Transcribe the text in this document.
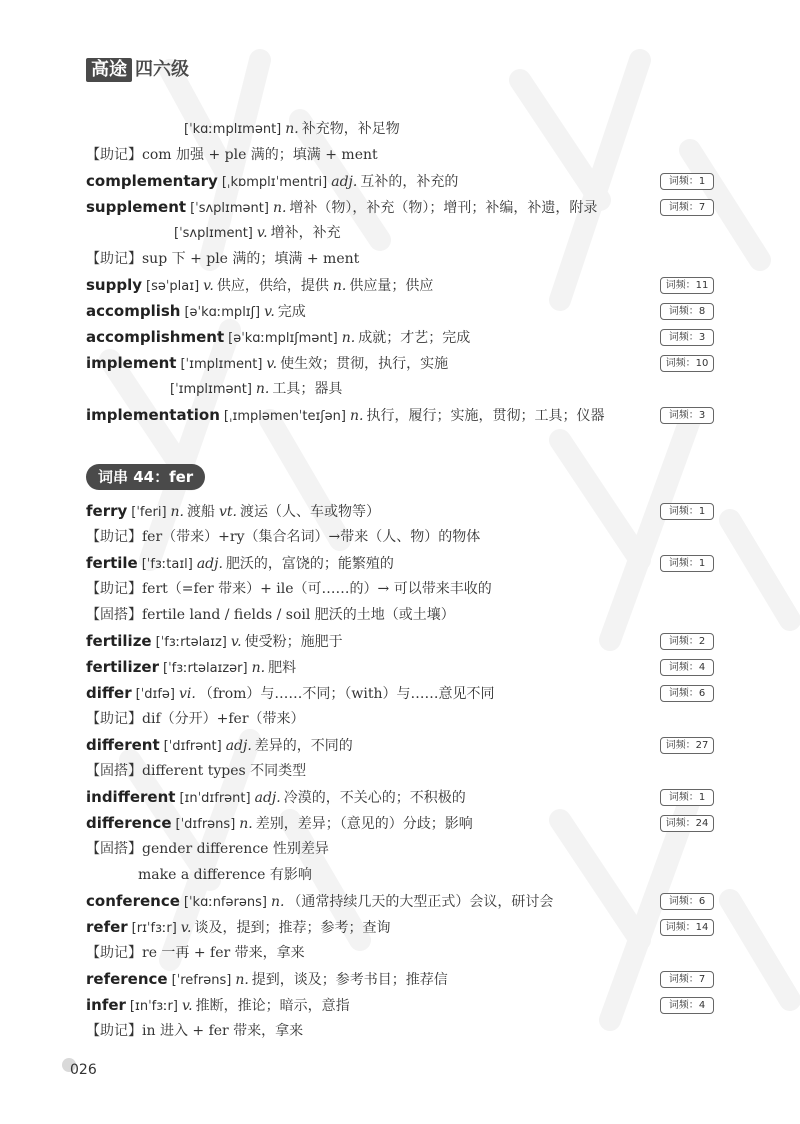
高途 四六级
[ˈkɑːmplɪmənt] n. 补充物，补足物
【助记】com 加强 + ple 满的；填满 + ment
complementary [ˌkɒmplɪˈmentri] adj. 互补的，补充的	词频：1
supplement [ˈsʌplɪmənt] n. 增补（物），补充（物）；增刊；补编，补遗，附录	词频：7
[ˈsʌplɪment] v. 增补，补充
【助记】sup 下 + ple 满的；填满 + ment
supply [səˈplaɪ] v. 供应，供给，提供 n. 供应量；供应	词频：11
accomplish [əˈkɑːmplɪʃ] v. 完成	词频：8
accomplishment [əˈkɑːmplɪʃmənt] n. 成就；才艺；完成	词频：3
implement [ˈɪmplɪment] v. 使生效；贯彻，执行，实施	词频：10
[ˈɪmplɪmənt] n. 工具；器具
implementation [ˌɪmpləmenˈteɪʃən] n. 执行，履行；实施，贯彻；工具；仪器	词频：3
词串 44：fer
ferry [ˈferi] n. 渡船 vt. 渡运（人、车或物等）	词频：1
【助记】fer（带来）+ry（集合名词）→带来（人、物）的物体
fertile [ˈfɜːtaɪl] adj. 肥沃的，富饶的；能繁殖的	词频：1
【助记】fert（=fer 带来）+ ile（可……的）→ 可以带来丰收的
【固搭】fertile land / fields / soil 肥沃的土地（或土壤）
fertilize [ˈfɜːrtəlaɪz] v. 使受粉；施肥于	词频：2
fertilizer [ˈfɜːrtəlaɪzər] n. 肥料	词频：4
differ [ˈdɪfə] vi. （from）与……不同；（with）与……意见不同	词频：6
【助记】dif（分开）+fer（带来）
different [ˈdɪfrənt] adj. 差异的，不同的	词频：27
【固搭】different types 不同类型
indifferent [ɪnˈdɪfrənt] adj. 冷漠的，不关心的；不积极的	词频：1
difference [ˈdɪfrəns] n. 差别，差异；（意见的）分歧；影响	词频：24
【固搭】gender difference 性别差异
make a difference 有影响
conference [ˈkɑːnfərəns] n. （通常持续几天的大型正式）会议，研讨会	词频：6
refer [rɪˈfɜːr] v. 谈及，提到；推荐；参考；查询	词频：14
【助记】re 一再 + fer 带来，拿来
reference [ˈrefrəns] n. 提到，谈及；参考书目；推荐信	词频：7
infer [ɪnˈfɜːr] v. 推断，推论；暗示，意指	词频：4
【助记】in 进入 + fer 带来，拿来
026
